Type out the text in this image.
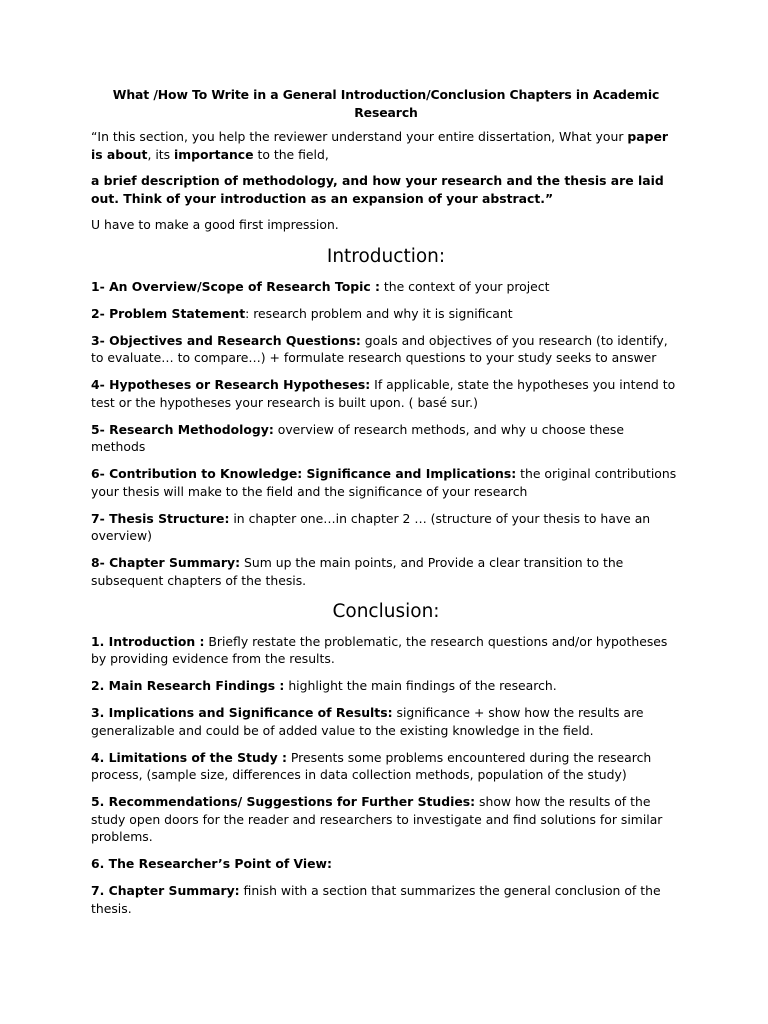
What /How To Write in a General Introduction/Conclusion Chapters in Academic Research

“In this section, you help the reviewer understand your entire dissertation, What your paper is about, its importance to the field,

a brief description of methodology, and how your research and the thesis are laid out. Think of your introduction as an expansion of your abstract.”

U have to make a good first impression.

Introduction:

1- An Overview/Scope of Research Topic : the context of your project

2- Problem Statement: research problem and why it is significant

3- Objectives and Research Questions: goals and objectives of you research (to identify, to evaluate… to compare…) + formulate research questions to your study seeks to answer

4- Hypotheses or Research Hypotheses: If applicable, state the hypotheses you intend to test or the hypotheses your research is built upon. ( basé sur.)

5- Research Methodology: overview of research methods, and why u choose these methods

6- Contribution to Knowledge: Significance and Implications: the original contributions your thesis will make to the field and the significance of your research

7- Thesis Structure: in chapter one…in chapter 2 … (structure of your thesis to have an overview)

8- Chapter Summary: Sum up the main points, and Provide a clear transition to the subsequent chapters of the thesis.

Conclusion:

1. Introduction : Briefly restate the problematic, the research questions and/or hypotheses by providing evidence from the results.

2. Main Research Findings : highlight the main findings of the research.

3. Implications and Significance of Results: significance + show how the results are generalizable and could be of added value to the existing knowledge in the field.

4. Limitations of the Study : Presents some problems encountered during the research process, (sample size, differences in data collection methods, population of the study)

5. Recommendations/ Suggestions for Further Studies: show how the results of the study open doors for the reader and researchers to investigate and find solutions for similar problems.

6. The Researcher’s Point of View:

7. Chapter Summary: finish with a section that summarizes the general conclusion of the thesis.
